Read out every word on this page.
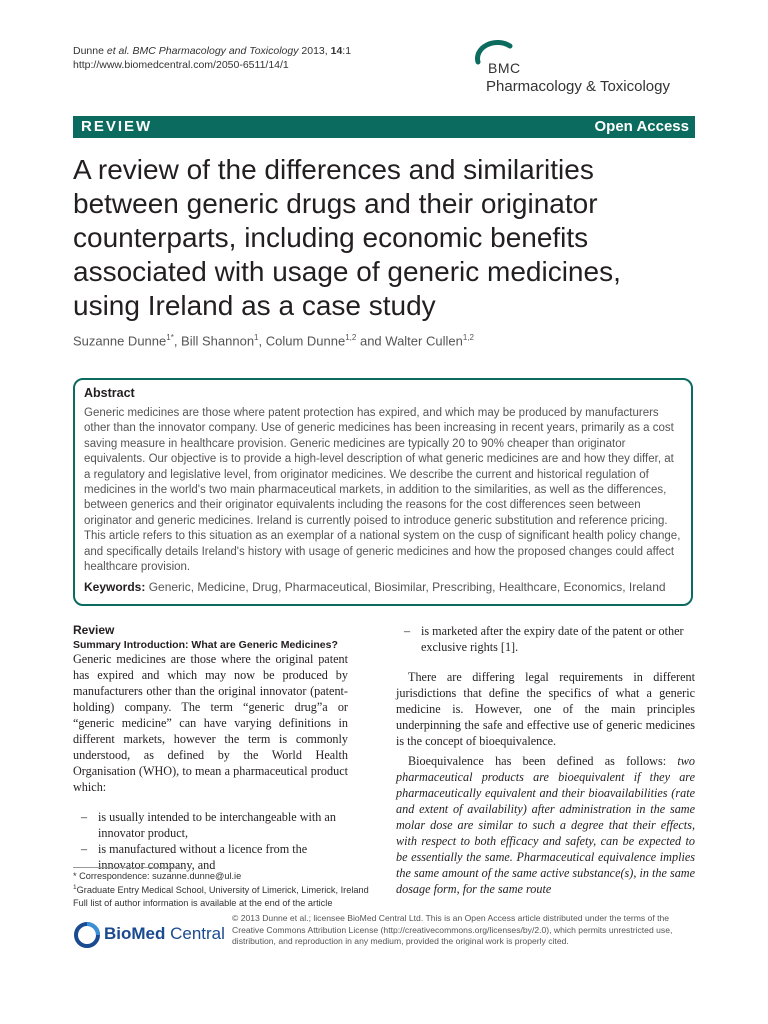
Dunne et al. BMC Pharmacology and Toxicology 2013, 14:1
http://www.biomedcentral.com/2050-6511/14/1	BMC
Pharmacology & Toxicology
REVIEW	Open Access
A review of the differences and similarities between generic drugs and their originator counterparts, including economic benefits associated with usage of generic medicines, using Ireland as a case study
Suzanne Dunne$^{1*}$, Bill Shannon$^1$, Colum Dunne$^{1,2}$ and Walter Cullen$^{1,2}$
Abstract
Generic medicines are those where patent protection has expired, and which may be produced by manufacturers other than the innovator company. Use of generic medicines has been increasing in recent years, primarily as a cost saving measure in healthcare provision. Generic medicines are typically 20 to 90% cheaper than originator equivalents. Our objective is to provide a high-level description of what generic medicines are and how they differ, at a regulatory and legislative level, from originator medicines. We describe the current and historical regulation of medicines in the world's two main pharmaceutical markets, in addition to the similarities, as well as the differences, between generics and their originator equivalents including the reasons for the cost differences seen between originator and generic medicines. Ireland is currently poised to introduce generic substitution and reference pricing. This article refers to this situation as an exemplar of a national system on the cusp of significant health policy change, and specifically details Ireland's history with usage of generic medicines and how the proposed changes could affect healthcare provision.
Keywords: Generic, Medicine, Drug, Pharmaceutical, Biosimilar, Prescribing, Healthcare, Economics, Ireland
Review
Summary Introduction: What are Generic Medicines?

Generic medicines are those where the original patent has expired and which may now be produced by manufacturers other than the original innovator (patent-holding) company. The term “generic drug”a or “generic medicine” can have varying definitions in different markets, however the term is commonly understood, as defined by the World Health Organisation (WHO), to mean a pharmaceutical product which:

– is usually intended to be interchangeable with an innovator product,
– is manufactured without a licence from the innovator company, and
– is marketed after the expiry date of the patent or other exclusive rights [1].

There are differing legal requirements in different jurisdictions that define the specifics of what a generic medicine is. However, one of the main principles underpinning the safe and effective use of generic medicines is the concept of bioequivalence.

Bioequivalence has been defined as follows: two pharmaceutical products are bioequivalent if they are pharmaceutically equivalent and their bioavailabilities (rate and extent of availability) after administration in the same molar dose are similar to such a degree that their effects, with respect to both efficacy and safety, can be expected to be essentially the same. Pharmaceutical equivalence implies the same amount of the same active substance(s), in the same dosage form, for the same route

* Correspondence: suzanne.dunne@ul.ie
$^1$Graduate Entry Medical School, University of Limerick, Limerick, Ireland
Full list of author information is available at the end of the article
BioMed Central
© 2013 Dunne et al.; licensee BioMed Central Ltd. This is an Open Access article distributed under the terms of the Creative Commons Attribution License (http://creativecommons.org/licenses/by/2.0), which permits unrestricted use, distribution, and reproduction in any medium, provided the original work is properly cited.
